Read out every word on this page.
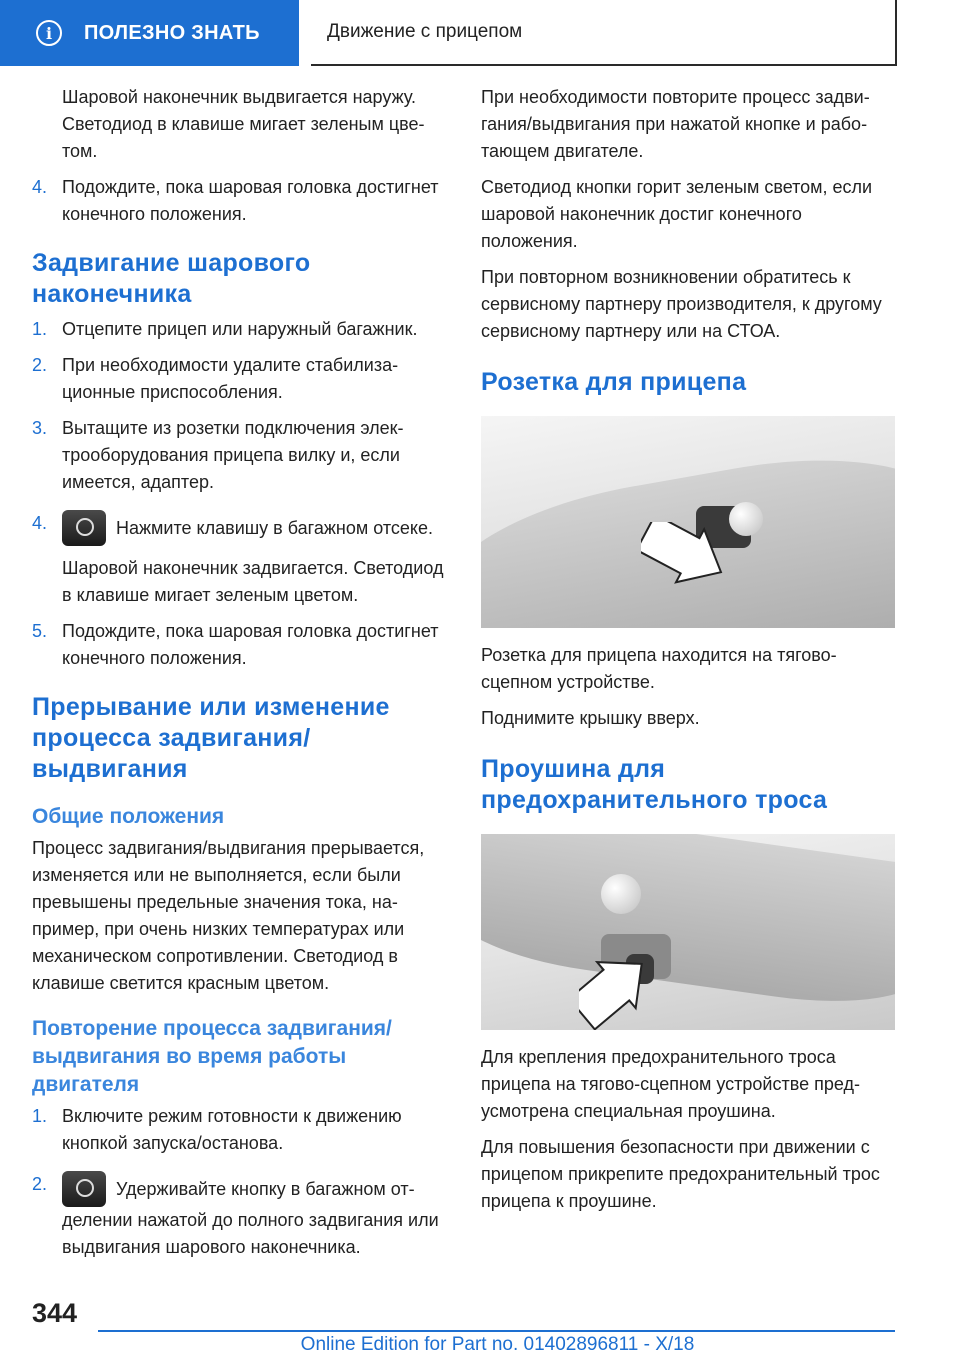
i	ПОЛЕЗНО ЗНАТЬ	Движение с прицепом

Шаровой наконечник выдвигается наружу. Светодиод в клавише мигает зеленым цветом.

4. Подождите, пока шаровая головка достигнет конечного положения.
Задвигание шарового наконечника
1. Отцепите прицеп или наружный багажник.
2. При необходимости удалите стабилизационные приспособления.
3. Вытащите из розетки подключения электрооборудования прицепа вилку и, если имеется, адаптер.
4.	Нажмите клавишу в багажном отсеке.

Шаровой наконечник задвигается. Светодиод в клавише мигает зеленым цветом.

5. Подождите, пока шаровая головка достигнет конечного положения.
Прерывание или изменение процесса задвигания/выдвигания
Общие положения

Процесс задвигания/выдвигания прерывается, изменяется или не выполняется, если были превышены предельные значения тока, например, при очень низких температурах или механическом сопротивлении. Светодиод в клавише светится красным цветом.

Повторение процесса задвигания/выдвигания во время работы двигателя
1. Включите режим готовности к движению кнопкой запуска/останова.
2.	Удерживайте кнопку в багажном отделении нажатой до полного задвигания или выдвигания шарового наконечника.

При необходимости повторите процесс задвигания/выдвигания при нажатой кнопке и работающем двигателе.

Светодиод кнопки горит зеленым светом, если шаровой наконечник достиг конечного положения.

При повторном возникновении обратитесь к сервисному партнеру производителя, к другому сервисному партнеру или на СТОА.

Розетка для прицепа

Розетка для прицепа находится на тягово-сцепном устройстве.

Поднимите крышку вверх.

Проушина для предохранительного троса

Для крепления предохранительного троса прицепа на тягово-сцепном устройстве предусмотрена специальная проушина.

Для повышения безопасности при движении с прицепом прикрепите предохранительный трос прицепа к проушине.

344
Online Edition for Part no. 01402896811 - X/18
